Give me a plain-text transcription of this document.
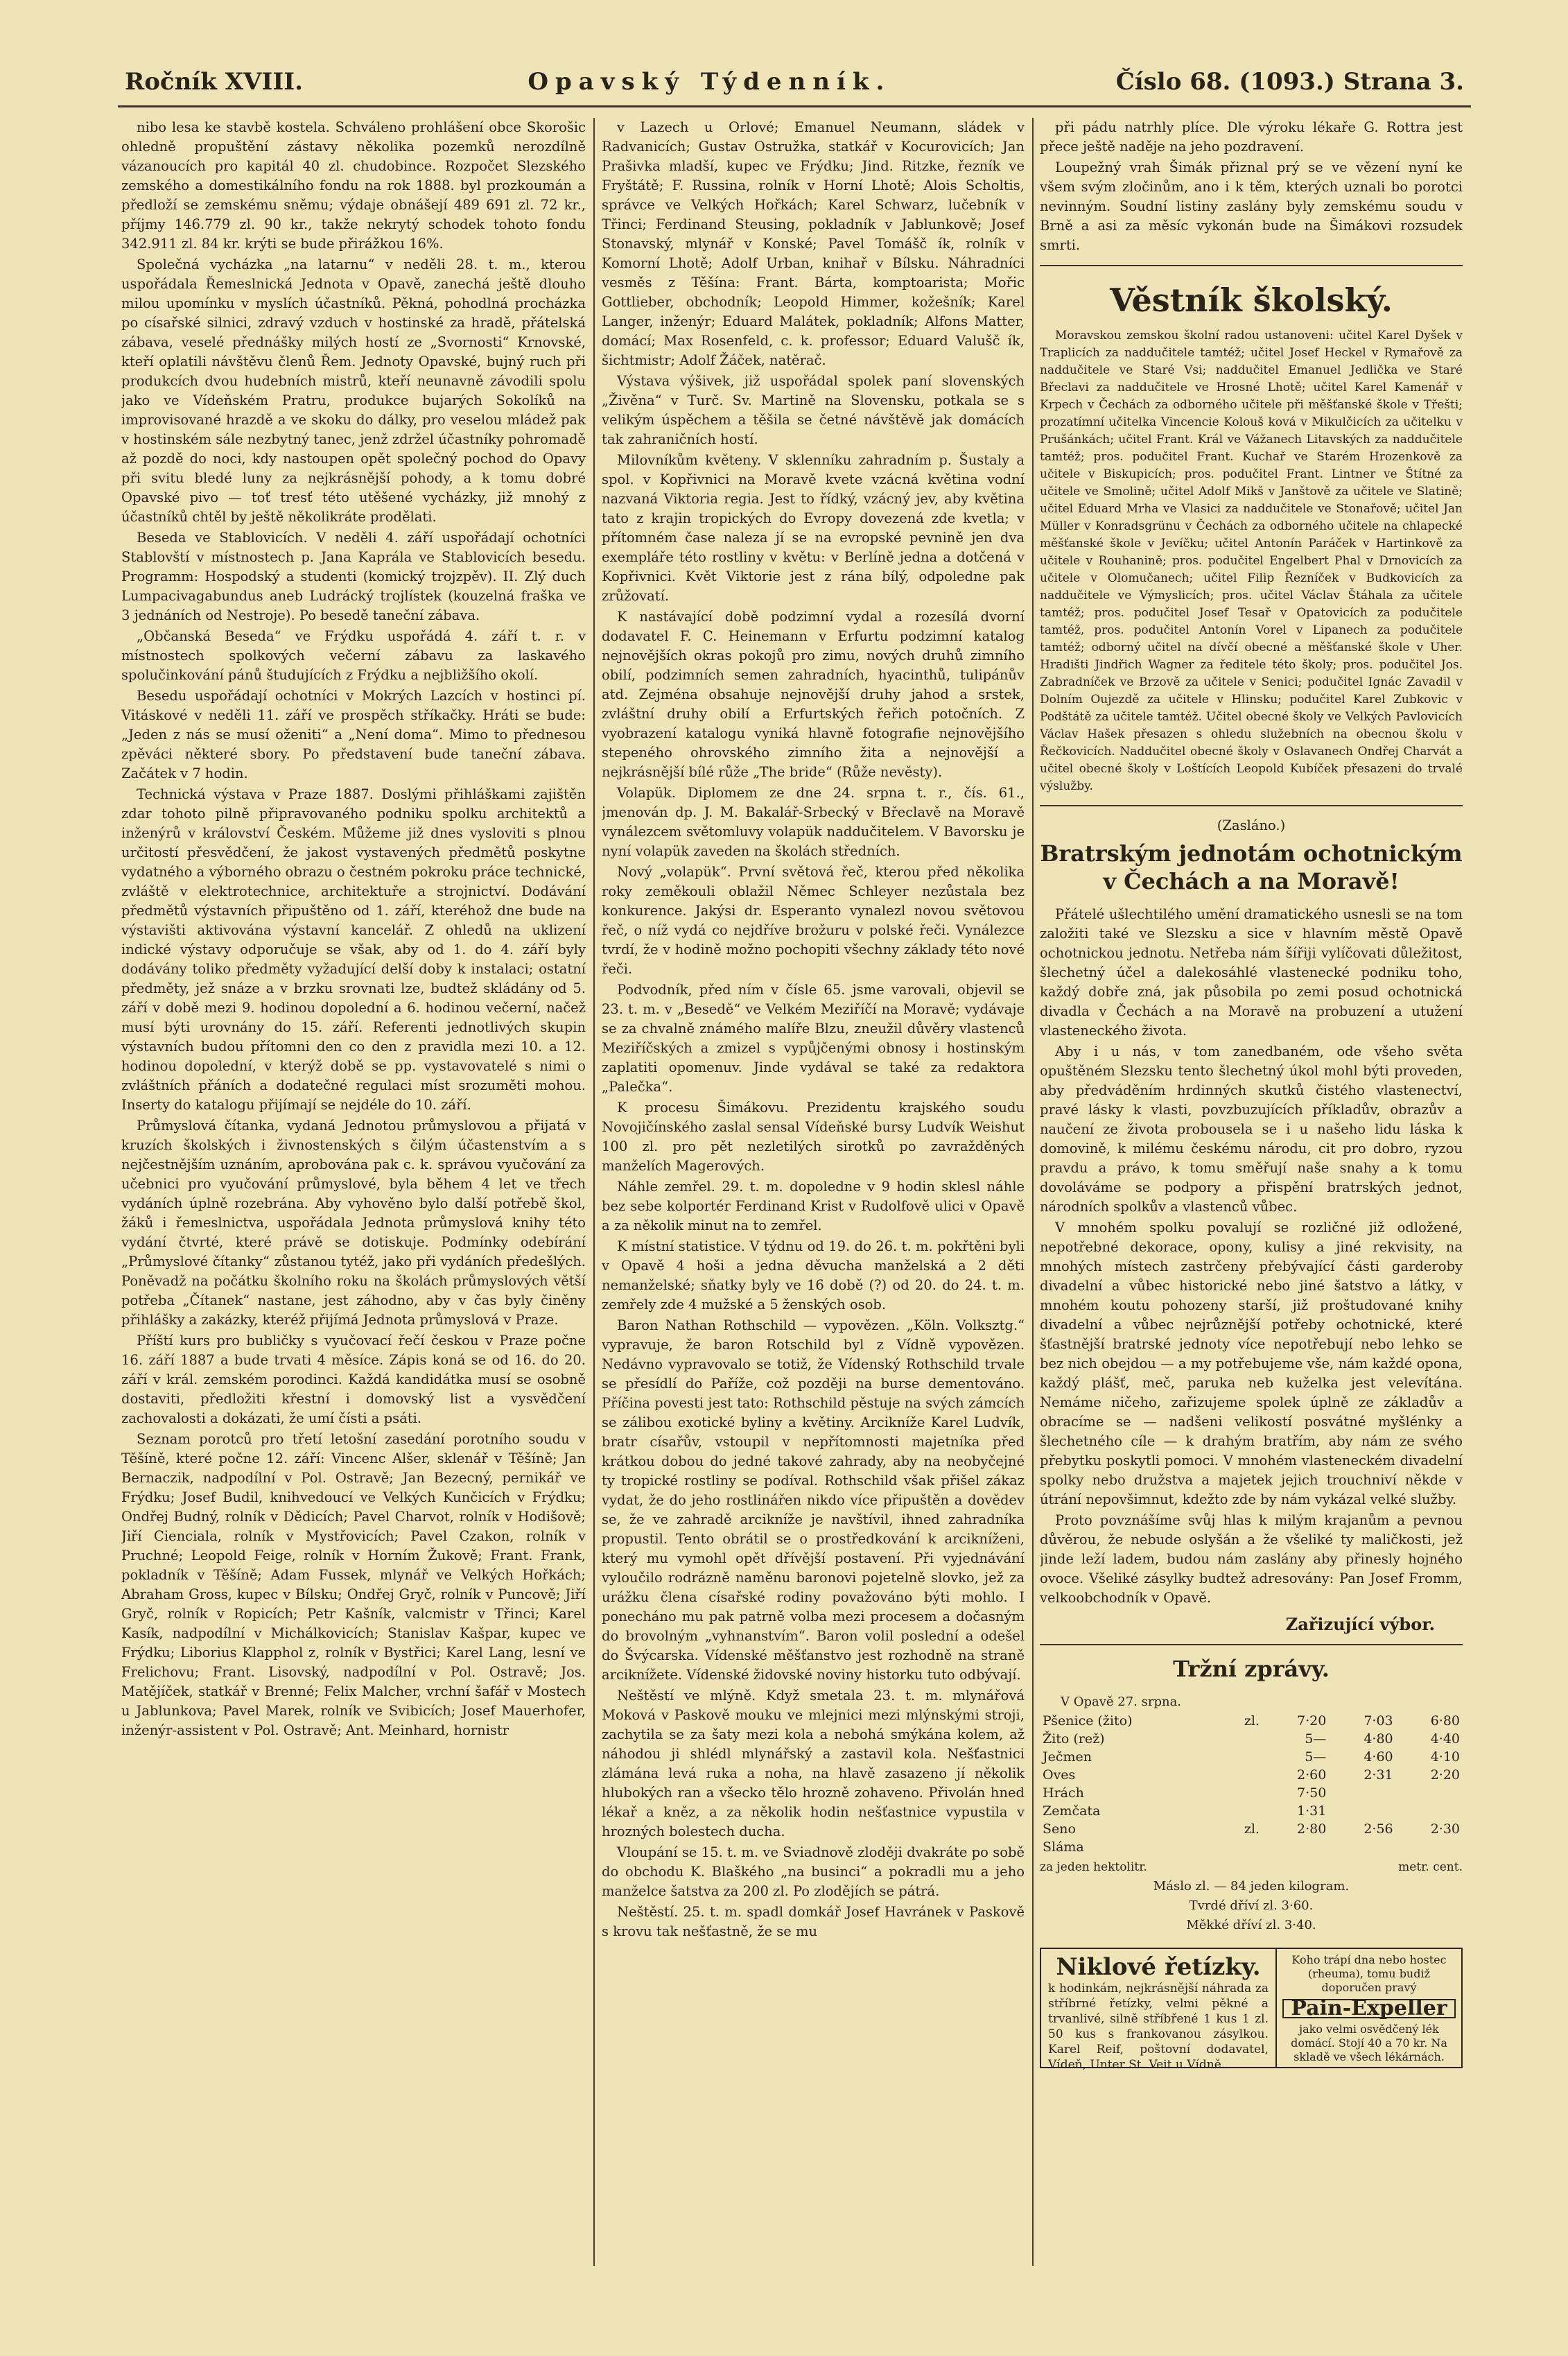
Ročník XVIII.	Opavský Týdenník.	Číslo 68. (1093.) Strana 3.

nibo lesa ke stavbě kostela. Schváleno prohlášení obce Skorošic ohledně propuštění zástavy několika pozemků nerozdílně vázanoucích pro kapitál 40 zl. chudobince. Rozpočet Slezského zemského a domestikálního fondu na rok 1888. byl prozkoumán a předloží se zemskému sněmu; výdaje obnášejí 489 691 zl. 72 kr., příjmy 146.779 zl. 90 kr., takže nekrytý schodek tohoto fondu 342.911 zl. 84 kr. krýti se bude přirážkou 16%.

Společná vycházka „na latarnu“ v neděli 28. t. m., kterou uspořádala Řemeslnická Jednota v Opavě, zanechá ještě dlouho milou upomínku v myslích účastníků. Pěkná, pohodlná procházka po císařské silnici, zdravý vzduch v hostinské za hradě, přátelská zábava, veselé přednášky milých hostí ze „Svornosti“ Krnovské, kteří oplatili návštěvu členů Řem. Jednoty Opavské, bujný ruch při produkcích dvou hudebních mistrů, kteří neunavně závodili spolu jako ve Vídeňském Pratru, produkce bujarých Sokolíků na improvisované hrazdě a ve skoku do dálky, pro veselou mládež pak v hostinském sále nezbytný tanec, jenž zdržel účastníky pohromadě až pozdě do noci, kdy nastoupen opět společný pochod do Opavy při svitu bledé luny za nejkrásnější pohody, a k tomu dobré Opavské pivo — toť tresť této utěšené vycházky, již mnohý z účastníků chtěl by ještě několikráte prodělati.

Beseda ve Stablovicích. V neděli 4. září uspořádají ochotníci Stablovští v místnostech p. Jana Kaprála ve Stablovicích besedu. Programm: Hospodský a studenti (komický trojzpěv). II. Zlý duch Lumpacivagabundus aneb Ludrácký trojlístek (kouzelná fraška ve 3 jednáních od Nestroje). Po besedě taneční zábava.

„Občanská Beseda“ ve Frýdku uspořádá 4. září t. r. v místnostech spolkových večerní zábavu za laskavého spolučinkování pánů študujících z Frýdku a nejbližšího okolí.

Besedu uspořádají ochotníci v Mokrých Lazcích v hostinci pí. Vitáskové v neděli 11. září ve prospěch stříkačky. Hráti se bude: „Jeden z nás se musí oženiti“ a „Není doma“. Mimo to přednesou zpěváci některé sbory. Po představení bude taneční zábava. Začátek v 7 hodin.

Technická výstava v Praze 1887. Doslými přihláškami zajištěn zdar tohoto pilně připravovaného podniku spolku architektů a inženýrů v království Českém. Můžeme již dnes vysloviti s plnou určitostí přesvědčení, že jakost vystavených předmětů poskytne vydatného a výborného obrazu o čestném pokroku práce technické, zvláště v elektrotechnice, architektuře a strojnictví. Dodávání předmětů výstavních připuštěno od 1. září, kteréhož dne bude na výstavišti aktivována výstavní kancelář. Z ohledů na uklizení indické výstavy odporučuje se však, aby od 1. do 4. září byly dodávány toliko předměty vyžadující delší doby k instalaci; ostatní předměty, jež snáze a v brzku srovnati lze, budtež skládány od 5. září v době mezi 9. hodinou dopolední a 6. hodinou večerní, načež musí býti urovnány do 15. září. Referenti jednotlivých skupin výstavních budou přítomni den co den z pravidla mezi 10. a 12. hodinou dopolední, v kterýž době se pp. vystavovatelé s nimi o zvláštních přáních a dodatečné regulaci míst srozuměti mohou. Inserty do katalogu přijímají se nejdéle do 10. září.

Průmyslová čítanka, vydaná Jednotou průmyslovou a přijatá v kruzích školských i živnostenských s čilým účastenstvím a s nejčestnějším uznáním, aprobována pak c. k. správou vyučování za učebnici pro vyučování průmyslové, byla během 4 let ve třech vydáních úplně rozebrána. Aby vyhověno bylo další potřebě škol, žáků i řemeslnictva, uspořádala Jednota průmyslová knihy této vydání čtvrté, které právě se dotiskuje. Podmínky odebírání „Průmyslové čítanky“ zůstanou tytéž, jako při vydáních předešlých. Poněvadž na počátku školního roku na školách průmyslových větší potřeba „Čítanek“ nastane, jest záhodno, aby v čas byly činěny přihlášky a zakázky, kteréž přijímá Jednota průmyslová v Praze.

Příští kurs pro bubličky s vyučovací řečí českou v Praze počne 16. září 1887 a bude trvati 4 měsíce. Zápis koná se od 16. do 20. září v král. zemském porodinci. Každá kandidátka musí se osobně dostaviti, předložiti křestní i domovský list a vysvědčení zachovalosti a dokázati, že umí čísti a psáti.

Seznam porotců pro třetí letošní zasedání porotního soudu v Těšíně, které počne 12. září: Vincenc Alšer, sklenář v Těšíně; Jan Bernaczik, nadpodílní v Pol. Ostravě; Jan Bezecný, pernikář ve Frýdku; Josef Budil, knihvedoucí ve Velkých Kunčicích v Frýdku; Ondřej Budný, rolník v Dědicích; Pavel Charvot, rolník v Hodišově; Jiří Cienciala, rolník v Mystřovicích; Pavel Czakon, rolník v Pruchné; Leopold Feige, rolník v Horním Žukově; Frant. Frank, pokladník v Těšíně; Adam Fussek, mlynář ve Velkých Hořkách; Abraham Gross, kupec v Bílsku; Ondřej Gryč, rolník v Puncově; Jiří Gryč, rolník v Ropicích; Petr Kašník, valcmistr v Třinci; Karel Kasík, nadpodílní v Michálkovicích; Stanislav Kašpar, kupec ve Frýdku; Liborius Klapphol z, rolník v Bystřici; Karel Lang, lesní ve Frelichovu; Frant. Lisovský, nadpodílní v Pol. Ostravě; Jos. Matějíček, statkář v Brenné; Felix Malcher, vrchní šafář v Mostech u Jablunkova; Pavel Marek, rolník ve Svibicích; Josef Mauerhofer, inženýr-assistent v Pol. Ostravě; Ant. Meinhard, hornistr

v Lazech u Orlové; Emanuel Neumann, sládek v Radvanicích; Gustav Ostružka, statkář v Kocurovicích; Jan Prašivka mladší, kupec ve Frýdku; Jind. Ritzke, řezník ve Fryštátě; F. Russina, rolník v Horní Lhotě; Alois Scholtis, správce ve Velkých Hořkách; Karel Schwarz, lučebník v Třinci; Ferdinand Steusing, pokladník v Jablunkově; Josef Stonavský, mlynář v Konské; Pavel Tomášč ík, rolník v Komorní Lhotě; Adolf Urban, knihař v Bílsku. Náhradníci vesměs z Těšína: Frant. Bárta, komptoarista; Mořic Gottlieber, obchodník; Leopold Himmer, kožešník; Karel Langer, inženýr; Eduard Malátek, pokladník; Alfons Matter, domácí; Max Rosenfeld, c. k. professor; Eduard Valušč ík, šichtmistr; Adolf Žáček, natěrač.

Výstava výšivek, již uspořádal spolek paní slovenských „Živěna“ v Turč. Sv. Martině na Slovensku, potkala se s velikým úspěchem a těšila se četné návštěvě jak domácích tak zahraničních hostí.

Milovníkům květeny. V sklenníku zahradním p. Šustaly a spol. v Kopřivnici na Moravě kvete vzácná květina vodní nazvaná Viktoria regia. Jest to řídký, vzácný jev, aby květina tato z krajin tropických do Evropy dovezená zde kvetla; v přítomném čase naleza jí se na evropské pevnině jen dva exempláře této rostliny v květu: v Berlíně jedna a dotčená v Kopřivnici. Květ Viktorie jest z rána bílý, odpoledne pak zrůžovatí.

K nastávající době podzimní vydal a rozesílá dvorní dodavatel F. C. Heinemann v Erfurtu podzimní katalog nejnovějších okras pokojů pro zimu, nových druhů zimního obilí, podzimních semen zahradních, hyacinthů, tulipánův atd. Zejména obsahuje nejnovější druhy jahod a srstek, zvláštní druhy obilí a Erfurtských řeřich potočních. Z vyobrazení katalogu vyniká hlavně fotografie nejnovějšího stepeného ohrovského zimního žita a nejnovější a nejkrásnější bílé růže „The bride“ (Růže nevěsty).

Volapük. Diplomem ze dne 24. srpna t. r., čís. 61., jmenován dp. J. M. Bakalář-Srbecký v Břeclavě na Moravě vynálezcem světomluvy volapük naddučitelem. V Bavorsku je nyní volapük zaveden na školách středních.

Nový „volapük“. První světová řeč, kterou před několika roky zeměkouli oblažil Němec Schleyer nezůstala bez konkurence. Jakýsi dr. Esperanto vynalezl novou světovou řeč, o níž vydá co nejdříve brožuru v polské řeči. Vynálezce tvrdí, že v hodině možno pochopiti všechny základy této nové řeči.

Podvodník, před ním v čísle 65. jsme varovali, objevil se 23. t. m. v „Besedě“ ve Velkém Meziříčí na Moravě; vydávaje se za chvalně známého malíře Blzu, zneužil důvěry vlastenců Meziříčských a zmizel s vypůjčenými obnosy i hostinským zaplatiti opomenuv. Jinde vydával se také za redaktora „Palečka“.

K procesu Šimákovu. Prezidentu krajského soudu Novojičínského zaslal sensal Vídeňské bursy Ludvík Weishut 100 zl. pro pět nezletilých sirotků po zavražděných manželích Magerových.

Náhle zemřel. 29. t. m. dopoledne v 9 hodin sklesl náhle bez sebe kolportér Ferdinand Krist v Rudolfově ulici v Opavě a za několik minut na to zemřel.

K místní statistice. V týdnu od 19. do 26. t. m. pokřtěni byli v Opavě 4 hoši a jedna děvucha manželská a 2 děti nemanželské; sňatky byly ve 16 době (?) od 20. do 24. t. m. zemřely zde 4 mužské a 5 ženských osob.

Baron Nathan Rothschild — vypovězen. „Köln. Volksztg.“ vypravuje, že baron Rotschild byl z Vídně vypovězen. Nedávno vypravovalo se totiž, že Vídenský Rothschild trvale se přesídlí do Paříže, což později na burse dementováno. Příčina povesti jest tato: Rothschild pěstuje na svých zámcích se zálibou exotické byliny a květiny. Arcikníže Karel Ludvík, bratr císařův, vstoupil v nepřítomnosti majetníka před krátkou dobou do jedné takové zahrady, aby na neobyčejné ty tropické rostliny se podíval. Rothschild však přišel zákaz vydat, že do jeho rostlinářen nikdo více připuštěn a dovědev se, že ve zahradě arcikníže je navštívil, ihned zahradníka propustil. Tento obrátil se o prostředkování k arcikníženi, který mu vymohl opět dřívější postavení. Při vyjednávání vyloučilo rodrázně naměnu baronovi pojetelně slovko, jež za urážku člena císařské rodiny považováno býti mohlo. I ponecháno mu pak patrně volba mezi procesem a dočasným do brovolným „vyhnanstvím“. Baron volil poslední a odešel do Švýcarska. Vídenské měšťanstvo jest rozhodně na straně arciknížete. Vídenské židovské noviny historku tuto odbývají.

Neštěstí ve mlýně. Když smetala 23. t. m. mlynářová Moková v Paskově mouku ve mlejnici mezi mlýnskými stroji, zachytila se za šaty mezi kola a nebohá smýkána kolem, až náhodou ji shlédl mlynářský a zastavil kola. Nešťastnici zlámána levá ruka a noha, na hlavě zasazeno jí několik hlubokých ran a všecko tělo hrozně zohaveno. Přivolán hned lékař a kněz, a za několik hodin nešťastnice vypustila v hrozných bolestech ducha.

Vloupání se 15. t. m. ve Sviadnově zloději dvakráte po sobě do obchodu K. Blaškého „na businci“ a pokradli mu a jeho manželce šatstva za 200 zl. Po zlodějích se pátrá.

Neštěstí. 25. t. m. spadl domkář Josef Havránek v Paskově s krovu tak nešťastně, že se mu

při pádu natrhly plíce. Dle výroku lékaře G. Rottra jest přece ještě naděje na jeho pozdravení.

Loupežný vrah Šimák přiznal prý se ve vězení nyní ke všem svým zločinům, ano i k těm, kterých uznali bo porotci nevinným. Soudní listiny zaslány byly zemskému soudu v Brně a asi za měsíc vykonán bude na Šimákovi rozsudek smrti.

Věstník školský.

Moravskou zemskou školní radou ustanoveni: učitel Karel Dyšek v Traplicích za naddučitele tamtéž; učitel Josef Heckel v Rymařově za naddučitele ve Staré Vsi; naddučitel Emanuel Jedlička ve Staré Břeclavi za naddučitele ve Hrosné Lhotě; učitel Karel Kamenář v Krpech v Čechách za odborného učitele při měšťanské škole v Třešti; prozatímní učitelka Vincencie Kolouš ková v Mikulčicích za učitelku v Prušánkách; učitel Frant. Král ve Vážanech Litavských za naddučitele tamtéž; pros. podučitel Frant. Kuchař ve Starém Hrozenkově za učitele v Biskupicích; pros. podučitel Frant. Lintner ve Štítné za učitele ve Smolině; učitel Adolf Mikš v Janštově za učitele ve Slatině; učitel Eduard Mrha ve Vlasici za naddučitele ve Stonařově; učitel Jan Müller v Konradsgrünu v Čechách za odborného učitele na chlapecké měšťanské škole v Jevíčku; učitel Antonín Paráček v Hartinkově za učitele v Rouhanině; pros. podučitel Engelbert Phal v Drnovicích za učitele v Olomučanech; učitel Filip Řezníček v Budkovicích za naddučitele ve Výmyslicích; pros. učitel Václav Štáhala za učitele tamtéž; pros. podučitel Josef Tesař v Opatovicích za podučitele tamtéž, pros. podučitel Antonín Vorel v Lipanech za podučitele tamtéž; odborný učitel na dívčí obecné a měšťanské škole v Uher. Hradišti Jindřich Wagner za ředitele této školy; pros. podučitel Jos. Zabradníček ve Brzově za učitele v Senici; podučitel Ignác Zavadil v Dolním Oujezdě za učitele v Hlinsku; podučitel Karel Zubkovic v Podštátě za učitele tamtéž. Učitel obecné školy ve Velkých Pavlovicích Václav Hašek přesazen s ohledu služebních na obecnou školu v Řečkovicích. Naddučitel obecné školy v Oslavanech Ondřej Charvát a učitel obecné školy v Loštících Leopold Kubíček přesazeni do trvalé výslužby.

(Zasláno.)
Bratrským jednotám ochotnickým v Čechách a na Moravě!

Přátelé ušlechtilého umění dramatického usnesli se na tom založiti také ve Slezsku a sice v hlavním městě Opavě ochotnickou jednotu. Netřeba nám šířiji vylíčovati důležitost, šlechetný účel a dalekosáhlé vlastenecké podniku toho, každý dobře zná, jak působila po zemi posud ochotnická divadla v Čechách a na Moravě na probuzení a utužení vlasteneckého života.

Aby i u nás, v tom zanedbaném, ode všeho světa opuštěném Slezsku tento šlechetný úkol mohl býti proveden, aby předváděním hrdinných skutků čistého vlastenectví, pravé lásky k vlasti, povzbuzujících příkladův, obrazův a naučení ze života probousela se i u našeho lidu láska k domovině, k milému českému národu, cit pro dobro, ryzou pravdu a právo, k tomu směřují naše snahy a k tomu dovoláváme se podpory a přispění bratrských jednot, národních spolkův a vlastenců vůbec.

V mnohém spolku povalují se rozličné již odložené, nepotřebné dekorace, opony, kulisy a jiné rekvisity, na mnohých místech zastrčeny přebývající části garderoby divadelní a vůbec historické nebo jiné šatstvo a látky, v mnohém koutu pohozeny starší, již proštudované knihy divadelní a vůbec nejrůznější potřeby ochotnické, které šťastnější bratrské jednoty více nepotřebují nebo lehko se bez nich obejdou — a my potřebujeme vše, nám každé opona, každý plášť, meč, paruka neb kuželka jest velevítána. Nemáme ničeho, zařizujeme spolek úplně ze základův a obracíme se — nadšeni velikostí posvátné myšlénky a šlechetného cíle — k drahým bratřím, aby nám ze svého přebytku poskytli pomoci. V mnohém vlasteneckém divadelní spolky nebo družstva a majetek jejich trouchniví někde v útrání nepovšimnut, kdežto zde by nám vykázal velké služby.

Proto povznášíme svůj hlas k milým krajanům a pevnou důvěrou, že nebude oslyšán a že všeliké ty maličkosti, jež jinde leží ladem, budou nám zaslány aby přinesly hojného ovoce. Všeliké zásylky budtež adresovány: Pan Josef Fromm, velkoobchodník v Opavě.

Zařizující výbor.
Tržní zprávy.
V Opavě 27. srpna.
Pšenice (žito)	zl.	7·20	7·03	6·80
Žito (rež)		5—	4·80	4·40
Ječmen		5—	4·60	4·10
Oves		2·60	2·31	2·20
Hrách		7·50		
Zemčata		1·31		
Seno	zl.	2·80	2·56	2·30
Sláma				
za jeden hektolitr.	metr. cent.
Máslo zl. — 84 jeden kilogram.
Tvrdé dříví zl. 3·60.
Měkké dříví zl. 3·40.
Niklové řetízky.
k hodinkám, nejkrásnější náhrada za stříbrné řetízky, velmi pěkné a trvanlivé, silně stříbřené 1 kus 1 zl. 50 kus s frankovanou zásylkou. Karel Reif, poštovní dodavatel, Vídeň, Unter St. Veit u Vídně.
Koho trápí dna nebo hostec (rheuma), tomu budiž doporučen pravý
Pain-Expeller
jako velmi osvědčený lék domácí. Stojí 40 a 70 kr. Na skladě ve všech lékárnách.
